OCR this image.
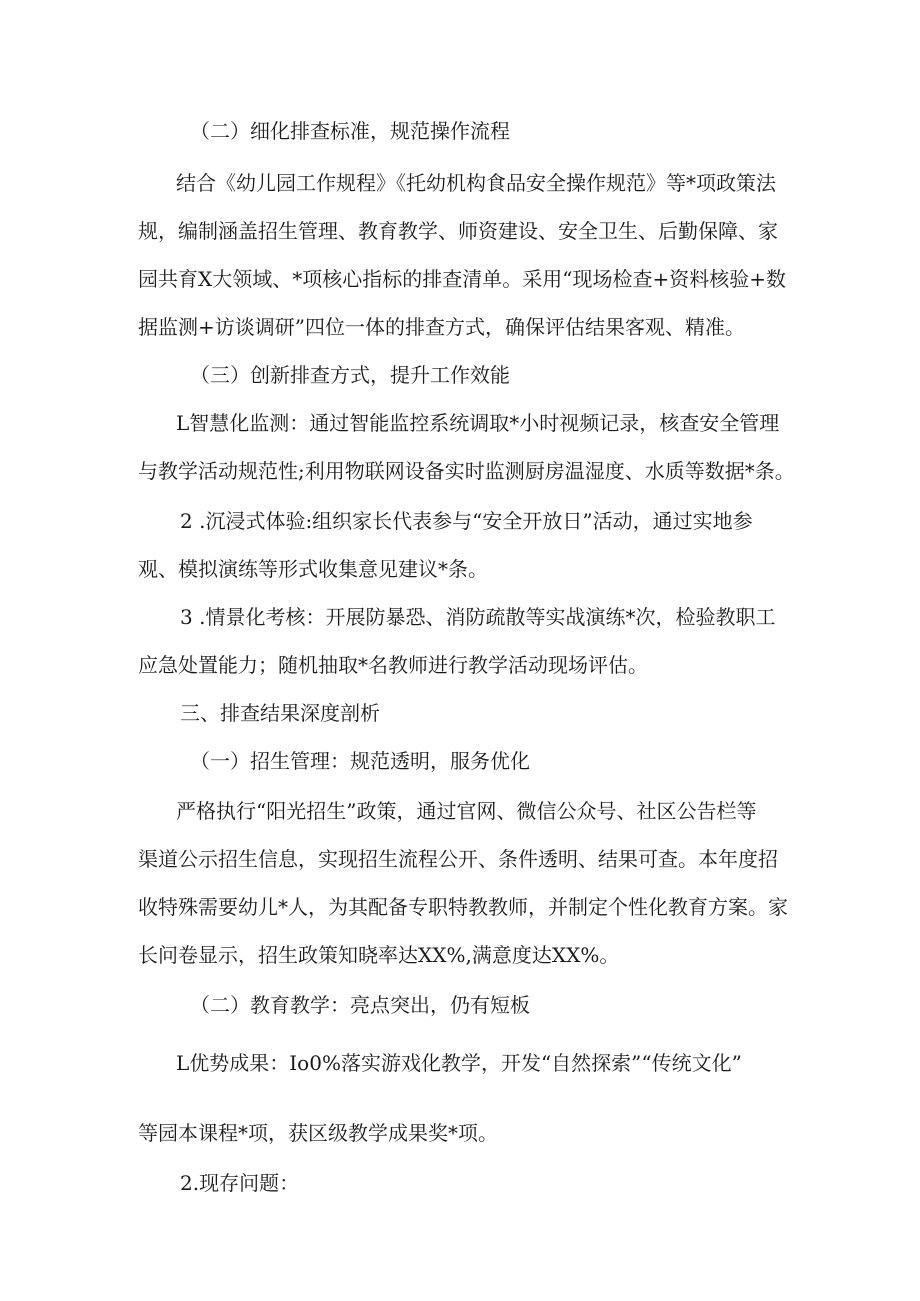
（二）细化排查标准，规范操作流程
结合《幼儿园工作规程》《托幼机构食品安全操作规范》等*项政策法
规，编制涵盖招生管理、教育教学、师资建设、安全卫生、后勤保障、家
园共育X大领域、*项核心指标的排查清单。采用“现场检查+资料核验+数
据监测+访谈调研”四位一体的排查方式，确保评估结果客观、精准。
（三）创新排查方式，提升工作效能
L智慧化监测：通过智能监控系统调取*小时视频记录，核查安全管理
与教学活动规范性;利用物联网设备实时监测厨房温湿度、水质等数据*条。
2 .沉浸式体验:组织家长代表参与“安全开放日”活动，通过实地参
观、模拟演练等形式收集意见建议*条。
3 .情景化考核：开展防暴恐、消防疏散等实战演练*次，检验教职工
应急处置能力；随机抽取*名教师进行教学活动现场评估。
三、排查结果深度剖析
（一）招生管理：规范透明，服务优化
严格执行“阳光招生”政策，通过官网、微信公众号、社区公告栏等
渠道公示招生信息，实现招生流程公开、条件透明、结果可查。本年度招
收特殊需要幼儿*人，为其配备专职特教教师，并制定个性化教育方案。家
长问卷显示，招生政策知晓率达XX%,满意度达XX%。
（二）教育教学：亮点突出，仍有短板
L优势成果：Io0%落实游戏化教学，开发“自然探索”“传统文化”
等园本课程*项，获区级教学成果奖*项。
2.现存问题：
